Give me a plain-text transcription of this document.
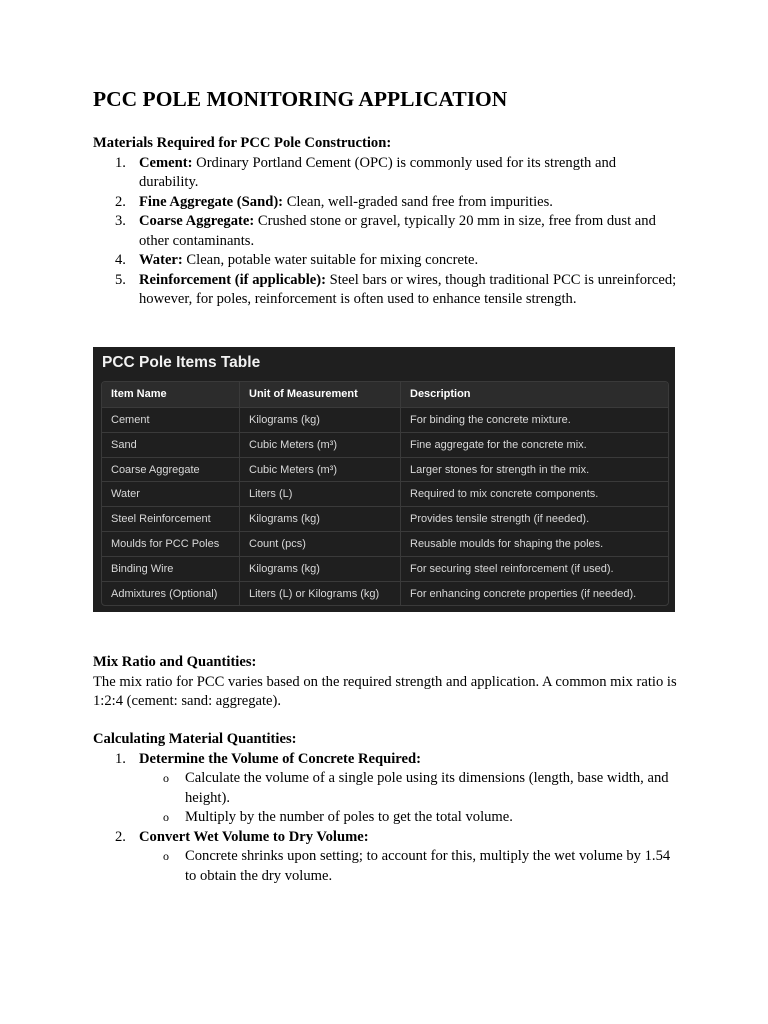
PCC POLE MONITORING APPLICATION

Materials Required for PCC Pole Construction:

1. Cement: Ordinary Portland Cement (OPC) is commonly used for its strength and durability.
2. Fine Aggregate (Sand): Clean, well-graded sand free from impurities.
3. Coarse Aggregate: Crushed stone or gravel, typically 20 mm in size, free from dust and other contaminants.
4. Water: Clean, potable water suitable for mixing concrete.
5. Reinforcement (if applicable): Steel bars or wires, though traditional PCC is unreinforced; however, for poles, reinforcement is often used to enhance tensile strength.
PCC Pole Items Table
Item Name	Unit of Measurement	Description
Cement	Kilograms (kg)	For binding the concrete mixture.
Sand	Cubic Meters (m³)	Fine aggregate for the concrete mix.
Coarse Aggregate	Cubic Meters (m³)	Larger stones for strength in the mix.
Water	Liters (L)	Required to mix concrete components.
Steel Reinforcement	Kilograms (kg)	Provides tensile strength (if needed).
Moulds for PCC Poles	Count (pcs)	Reusable moulds for shaping the poles.
Binding Wire	Kilograms (kg)	For securing steel reinforcement (if used).
Admixtures (Optional)	Liters (L) or Kilograms (kg)	For enhancing concrete properties (if needed).

Mix Ratio and Quantities:

The mix ratio for PCC varies based on the required strength and application. A common mix ratio is 1:2:4 (cement: sand: aggregate).

Calculating Material Quantities:

1. Determine the Volume of Concrete Required:
o Calculate the volume of a single pole using its dimensions (length, base width, and height).
o Multiply by the number of poles to get the total volume.
2. Convert Wet Volume to Dry Volume:
o Concrete shrinks upon setting; to account for this, multiply the wet volume by 1.54 to obtain the dry volume.
